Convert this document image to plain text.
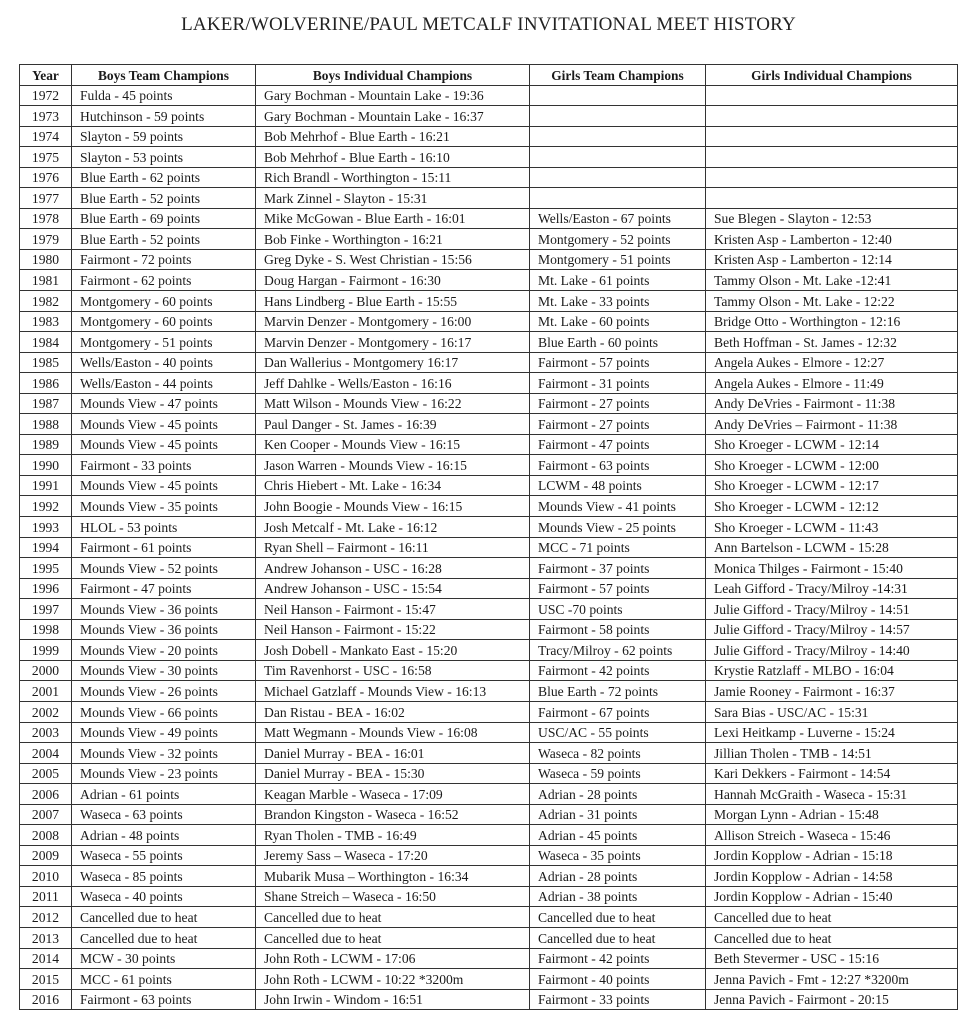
LAKER/WOLVERINE/PAUL METCALF INVITATIONAL MEET HISTORY
Year	Boys Team Champions	Boys Individual Champions	Girls Team Champions	Girls Individual Champions
1972	Fulda - 45 points	Gary Bochman - Mountain Lake - 19:36		
1973	Hutchinson - 59 points	Gary Bochman - Mountain Lake - 16:37		
1974	Slayton - 59 points	Bob Mehrhof - Blue Earth - 16:21		
1975	Slayton - 53 points	Bob Mehrhof - Blue Earth - 16:10		
1976	Blue Earth - 62 points	Rich Brandl - Worthington - 15:11		
1977	Blue Earth - 52 points	Mark Zinnel - Slayton - 15:31		
1978	Blue Earth - 69 points	Mike McGowan - Blue Earth - 16:01	Wells/Easton - 67 points	Sue Blegen - Slayton - 12:53
1979	Blue Earth - 52 points	Bob Finke - Worthington - 16:21	Montgomery - 52 points	Kristen Asp - Lamberton - 12:40
1980	Fairmont - 72 points	Greg Dyke - S. West Christian - 15:56	Montgomery - 51 points	Kristen Asp - Lamberton - 12:14
1981	Fairmont - 62 points	Doug Hargan - Fairmont - 16:30	Mt. Lake - 61 points	Tammy Olson - Mt. Lake -12:41
1982	Montgomery - 60 points	Hans Lindberg - Blue Earth - 15:55	Mt. Lake - 33 points	Tammy Olson - Mt. Lake - 12:22
1983	Montgomery - 60 points	Marvin Denzer - Montgomery - 16:00	Mt. Lake - 60 points	Bridge Otto - Worthington - 12:16
1984	Montgomery - 51 points	Marvin Denzer - Montgomery - 16:17	Blue Earth - 60 points	Beth Hoffman - St. James - 12:32
1985	Wells/Easton - 40 points	Dan Wallerius - Montgomery 16:17	Fairmont - 57 points	Angela Aukes - Elmore - 12:27
1986	Wells/Easton - 44 points	Jeff Dahlke - Wells/Easton - 16:16	Fairmont - 31 points	Angela Aukes - Elmore - 11:49
1987	Mounds View - 47 points	Matt Wilson - Mounds View - 16:22	Fairmont - 27 points	Andy DeVries - Fairmont - 11:38
1988	Mounds View - 45 points	Paul Danger - St. James - 16:39	Fairmont - 27 points	Andy DeVries – Fairmont - 11:38
1989	Mounds View - 45 points	Ken Cooper - Mounds View - 16:15	Fairmont - 47 points	Sho Kroeger - LCWM - 12:14
1990	Fairmont - 33 points	Jason Warren - Mounds View - 16:15	Fairmont - 63 points	Sho Kroeger - LCWM - 12:00
1991	Mounds View - 45 points	Chris Hiebert - Mt. Lake - 16:34	LCWM - 48 points	Sho Kroeger - LCWM - 12:17
1992	Mounds View - 35 points	John Boogie - Mounds View - 16:15	Mounds View - 41 points	Sho Kroeger - LCWM - 12:12
1993	HLOL - 53 points	Josh Metcalf - Mt. Lake - 16:12	Mounds View - 25 points	Sho Kroeger - LCWM - 11:43
1994	Fairmont - 61 points	Ryan Shell – Fairmont - 16:11	MCC - 71 points	Ann Bartelson - LCWM - 15:28
1995	Mounds View - 52 points	Andrew Johanson - USC - 16:28	Fairmont - 37 points	Monica Thilges - Fairmont - 15:40
1996	Fairmont - 47 points	Andrew Johanson - USC - 15:54	Fairmont - 57 points	Leah Gifford - Tracy/Milroy -14:31
1997	Mounds View - 36 points	Neil Hanson - Fairmont - 15:47	USC -70 points	Julie Gifford - Tracy/Milroy - 14:51
1998	Mounds View - 36 points	Neil Hanson - Fairmont - 15:22	Fairmont - 58 points	Julie Gifford - Tracy/Milroy - 14:57
1999	Mounds View - 20 points	Josh Dobell - Mankato East - 15:20	Tracy/Milroy - 62 points	Julie Gifford - Tracy/Milroy - 14:40
2000	Mounds View - 30 points	Tim Ravenhorst - USC - 16:58	Fairmont - 42 points	Krystie Ratzlaff - MLBO - 16:04
2001	Mounds View - 26 points	Michael Gatzlaff - Mounds View - 16:13	Blue Earth - 72 points	Jamie Rooney - Fairmont - 16:37
2002	Mounds View - 66 points	Dan Ristau - BEA - 16:02	Fairmont - 67 points	Sara Bias - USC/AC - 15:31
2003	Mounds View - 49 points	Matt Wegmann - Mounds View - 16:08	USC/AC - 55 points	Lexi Heitkamp - Luverne - 15:24
2004	Mounds View - 32 points	Daniel Murray - BEA - 16:01	Waseca - 82 points	Jillian Tholen - TMB - 14:51
2005	Mounds View - 23 points	Daniel Murray - BEA - 15:30	Waseca - 59 points	Kari Dekkers - Fairmont - 14:54
2006	Adrian - 61 points	Keagan Marble - Waseca - 17:09	Adrian - 28 points	Hannah McGraith - Waseca - 15:31
2007	Waseca - 63 points	Brandon Kingston - Waseca - 16:52	Adrian - 31 points	Morgan Lynn - Adrian - 15:48
2008	Adrian - 48 points	Ryan Tholen - TMB - 16:49	Adrian - 45 points	Allison Streich - Waseca - 15:46
2009	Waseca - 55 points	Jeremy Sass – Waseca - 17:20	Waseca - 35 points	Jordin Kopplow - Adrian - 15:18
2010	Waseca - 85 points	Mubarik Musa – Worthington - 16:34	Adrian - 28 points	Jordin Kopplow - Adrian - 14:58
2011	Waseca - 40 points	Shane Streich – Waseca - 16:50	Adrian - 38 points	Jordin Kopplow - Adrian - 15:40
2012	Cancelled due to heat	Cancelled due to heat	Cancelled due to heat	Cancelled due to heat
2013	Cancelled due to heat	Cancelled due to heat	Cancelled due to heat	Cancelled due to heat
2014	MCW - 30 points	John Roth - LCWM - 17:06	Fairmont - 42 points	Beth Stevermer - USC - 15:16
2015	MCC - 61 points	John Roth - LCWM - 10:22 *3200m	Fairmont - 40 points	Jenna Pavich - Fmt - 12:27 *3200m
2016	Fairmont - 63 points	John Irwin - Windom - 16:51	Fairmont - 33 points	Jenna Pavich - Fairmont - 20:15
